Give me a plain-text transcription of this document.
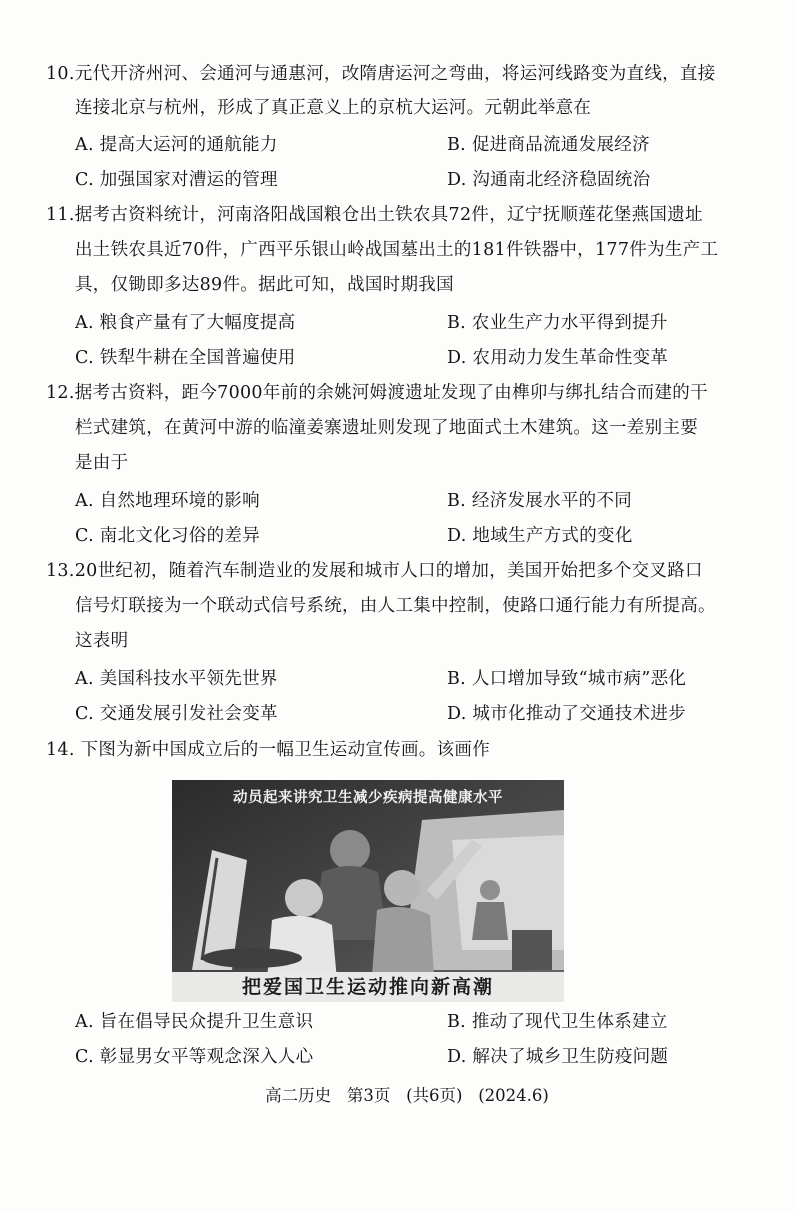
10.元代开济州河、会通河与通惠河，改隋唐运河之弯曲，将运河线路变为直线，直接
连接北京与杭州，形成了真正意义上的京杭大运河。元朝此举意在
A. 提高大运河的通航能力	B. 促进商品流通发展经济
C. 加强国家对漕运的管理	D. 沟通南北经济稳固统治
11.据考古资料统计，河南洛阳战国粮仓出土铁农具72件，辽宁抚顺莲花堡燕国遗址
出土铁农具近70件，广西平乐银山岭战国墓出土的181件铁器中，177件为生产工
具，仅锄即多达89件。据此可知，战国时期我国
A. 粮食产量有了大幅度提高	B. 农业生产力水平得到提升
C. 铁犁牛耕在全国普遍使用	D. 农用动力发生革命性变革
12.据考古资料，距今7000年前的余姚河姆渡遗址发现了由榫卯与绑扎结合而建的干
栏式建筑，在黄河中游的临潼姜寨遗址则发现了地面式土木建筑。这一差别主要
是由于
A. 自然地理环境的影响	B. 经济发展水平的不同
C. 南北文化习俗的差异	D. 地域生产方式的变化
13.20世纪初，随着汽车制造业的发展和城市人口的增加，美国开始把多个交叉路口
信号灯联接为一个联动式信号系统，由人工集中控制，使路口通行能力有所提高。
这表明
A. 美国科技水平领先世界	B. 人口增加导致“城市病”恶化
C. 交通发展引发社会变革	D. 城市化推动了交通技术进步
14. 下图为新中国成立后的一幅卫生运动宣传画。该画作
动员起来讲究卫生减少疾病提高健康水平
把爱国卫生运动推向新高潮
A. 旨在倡导民众提升卫生意识	B. 推动了现代卫生体系建立
C. 彰显男女平等观念深入人心	D. 解决了城乡卫生防疫问题
高二历史   第3页   (共6页)   (2024.6)
